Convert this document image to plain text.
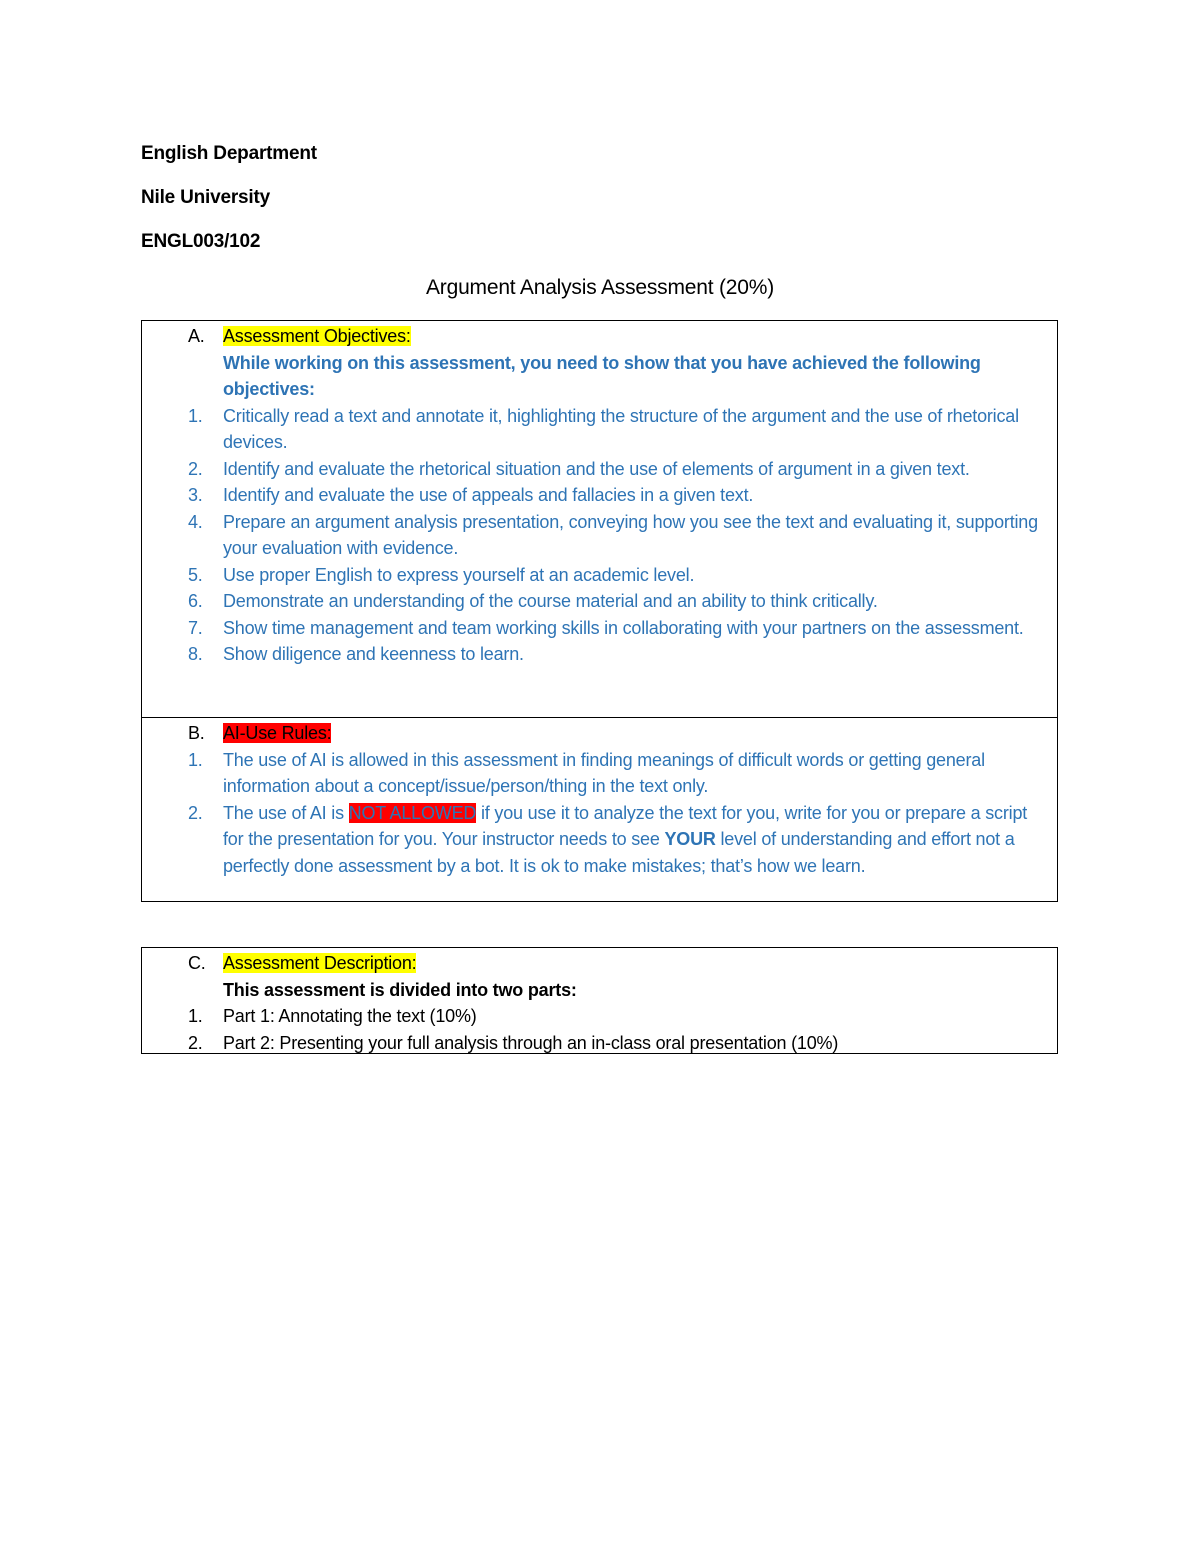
English Department
Nile University
ENGL003/102
Argument Analysis Assessment (20%)
A. Assessment Objectives:
While working on this assessment, you need to show that you have achieved the following objectives:
1. Critically read a text and annotate it, highlighting the structure of the argument and the use of rhetorical devices.
2. Identify and evaluate the rhetorical situation and the use of elements of argument in a given text.
3. Identify and evaluate the use of appeals and fallacies in a given text.
4. Prepare an argument analysis presentation, conveying how you see the text and evaluating it, supporting your evaluation with evidence.
5. Use proper English to express yourself at an academic level.
6. Demonstrate an understanding of the course material and an ability to think critically.
7. Show time management and team working skills in collaborating with your partners on the assessment.
8. Show diligence and keenness to learn.
B. AI-Use Rules:
1. The use of AI is allowed in this assessment in finding meanings of difficult words or getting general information about a concept/issue/person/thing in the text only.
2. The use of AI is NOT ALLOWED if you use it to analyze the text for you, write for you or prepare a script for the presentation for you. Your instructor needs to see YOUR level of understanding and effort not a perfectly done assessment by a bot. It is ok to make mistakes; that’s how we learn.
C. Assessment Description:
This assessment is divided into two parts:
1. Part 1: Annotating the text (10%)
2. Part 2: Presenting your full analysis through an in-class oral presentation (10%)
